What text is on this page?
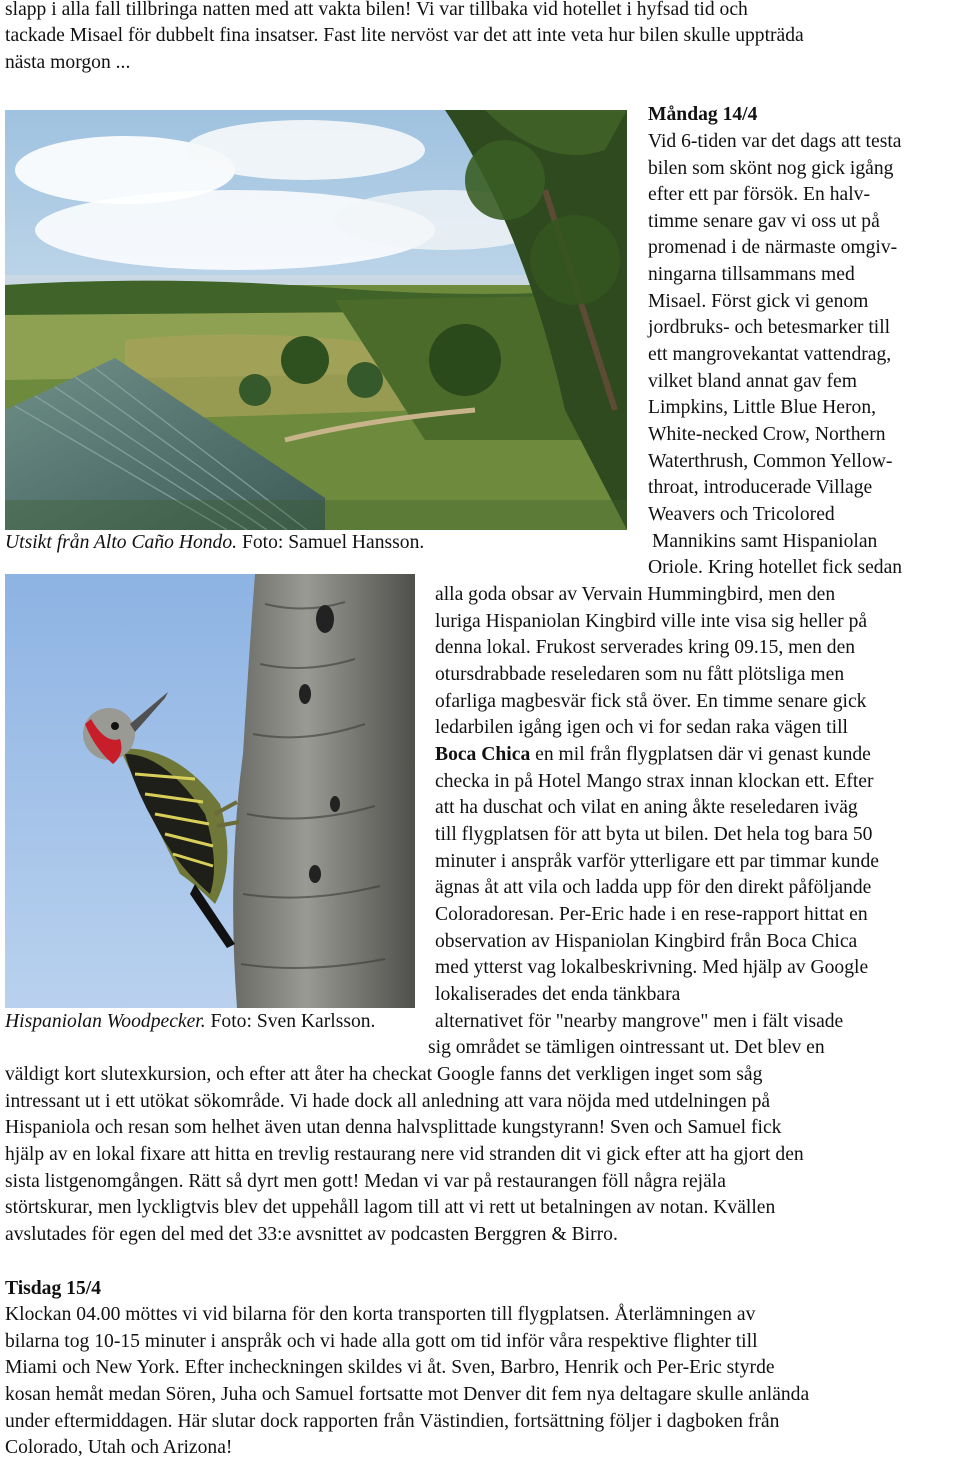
slapp i alla fall tillbringa natten med att vakta bilen! Vi var tillbaka vid hotellet i hyfsad tid och
tackade Misael för dubbelt fina insatser. Fast lite nervöst var det att inte veta hur bilen skulle uppträda
nästa morgon ...
Måndag 14/4
Vid 6-tiden var det dags att testa
bilen som skönt nog gick igång
efter ett par försök. En halv-
timme senare gav vi oss ut på
promenad i de närmaste omgiv-
ningarna tillsammans med
Misael. Först gick vi genom
jordbruks- och betesmarker till
ett mangrovekantat vattendrag,
vilket bland annat gav fem
Limpkins, Little Blue Heron,
White-necked Crow, Northern
Waterthrush, Common Yellow-
throat, introducerade Village
Weavers och Tricolored
Mannikins samt Hispaniolan
Oriole. Kring hotellet fick sedan
Utsikt från Alto Caño Hondo. Foto: Samuel Hansson.
alla goda obsar av Vervain Hummingbird, men den
luriga Hispaniolan Kingbird ville inte visa sig heller på
denna lokal. Frukost serverades kring 09.15, men den
otursdrabbade reseledaren som nu fått plötsliga men
ofarliga magbesvär fick stå över. En timme senare gick
ledarbilen igång igen och vi for sedan raka vägen till
Boca Chica en mil från flygplatsen där vi genast kunde
checka in på Hotel Mango strax innan klockan ett. Efter
att ha duschat och vilat en aning åkte reseledaren iväg
till flygplatsen för att byta ut bilen. Det hela tog bara 50
minuter i anspråk varför ytterligare ett par timmar kunde
ägnas åt att vila och ladda upp för den direkt påföljande
Coloradoresan. Per-Eric hade i en rese-rapport hittat en
observation av Hispaniolan Kingbird från Boca Chica
med ytterst vag lokalbeskrivning. Med hjälp av Google
lokaliserades det enda tänkbara
alternativet för "nearby mangrove" men i fält visade
sig området se tämligen ointressant ut. Det blev en
Hispaniolan Woodpecker. Foto: Sven Karlsson.
väldigt kort slutexkursion, och efter att åter ha checkat Google fanns det verkligen inget som såg
intressant ut i ett utökat sökområde. Vi hade dock all anledning att vara nöjda med utdelningen på
Hispaniola och resan som helhet även utan denna halvsplittade kungstyrann! Sven och Samuel fick
hjälp av en lokal fixare att hitta en trevlig restaurang nere vid stranden dit vi gick efter att ha gjort den
sista listgenomgången. Rätt så dyrt men gott! Medan vi var på restaurangen föll några rejäla
störtskurar, men lyckligtvis blev det uppehåll lagom till att vi rett ut betalningen av notan. Kvällen
avslutades för egen del med det 33:e avsnittet av podcasten Berggren & Birro.
Tisdag 15/4
Klockan 04.00 möttes vi vid bilarna för den korta transporten till flygplatsen. Återlämningen av
bilarna tog 10-15 minuter i anspråk och vi hade alla gott om tid inför våra respektive flighter till
Miami och New York. Efter incheckningen skildes vi åt. Sven, Barbro, Henrik och Per-Eric styrde
kosan hemåt medan Sören, Juha och Samuel fortsatte mot Denver dit fem nya deltagare skulle anlända
under eftermiddagen. Här slutar dock rapporten från Västindien, fortsättning följer i dagboken från
Colorado, Utah och Arizona!
